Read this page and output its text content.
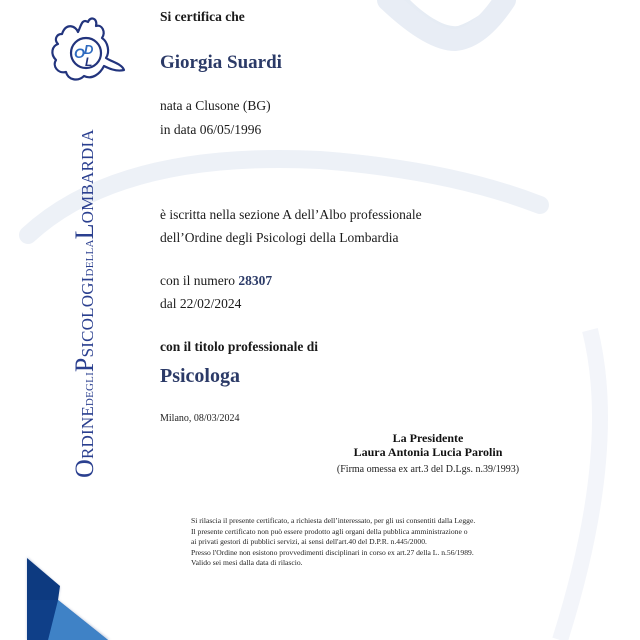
O D
L
ORDINEDEGLIPSICOLOGIDELLALOMBARDIA
Si certifica che
Giorgia Suardi
nata a Clusone (BG)
in data 06/05/1996
è iscritta nella sezione A dell’Albo professionale
dell’Ordine degli Psicologi della Lombardia
con il numero 28307
dal 22/02/2024
con il titolo professionale di
Psicologa
Milano, 08/03/2024
La Presidente
Laura Antonia Lucia Parolin
(Firma omessa ex art.3 del D.Lgs. n.39/1993)
Si rilascia il presente certificato, a richiesta dell’interessato, per gli usi consentiti dalla Legge.
Il presente certificato non può essere prodotto agli organi della pubblica amministrazione o
ai privati gestori di pubblici servizi, ai sensi dell'art.40 del D.P.R. n.445/2000.
Presso l'Ordine non esistono provvedimenti disciplinari in corso ex art.27 della L. n.56/1989.
Valido sei mesi dalla data di rilascio.
